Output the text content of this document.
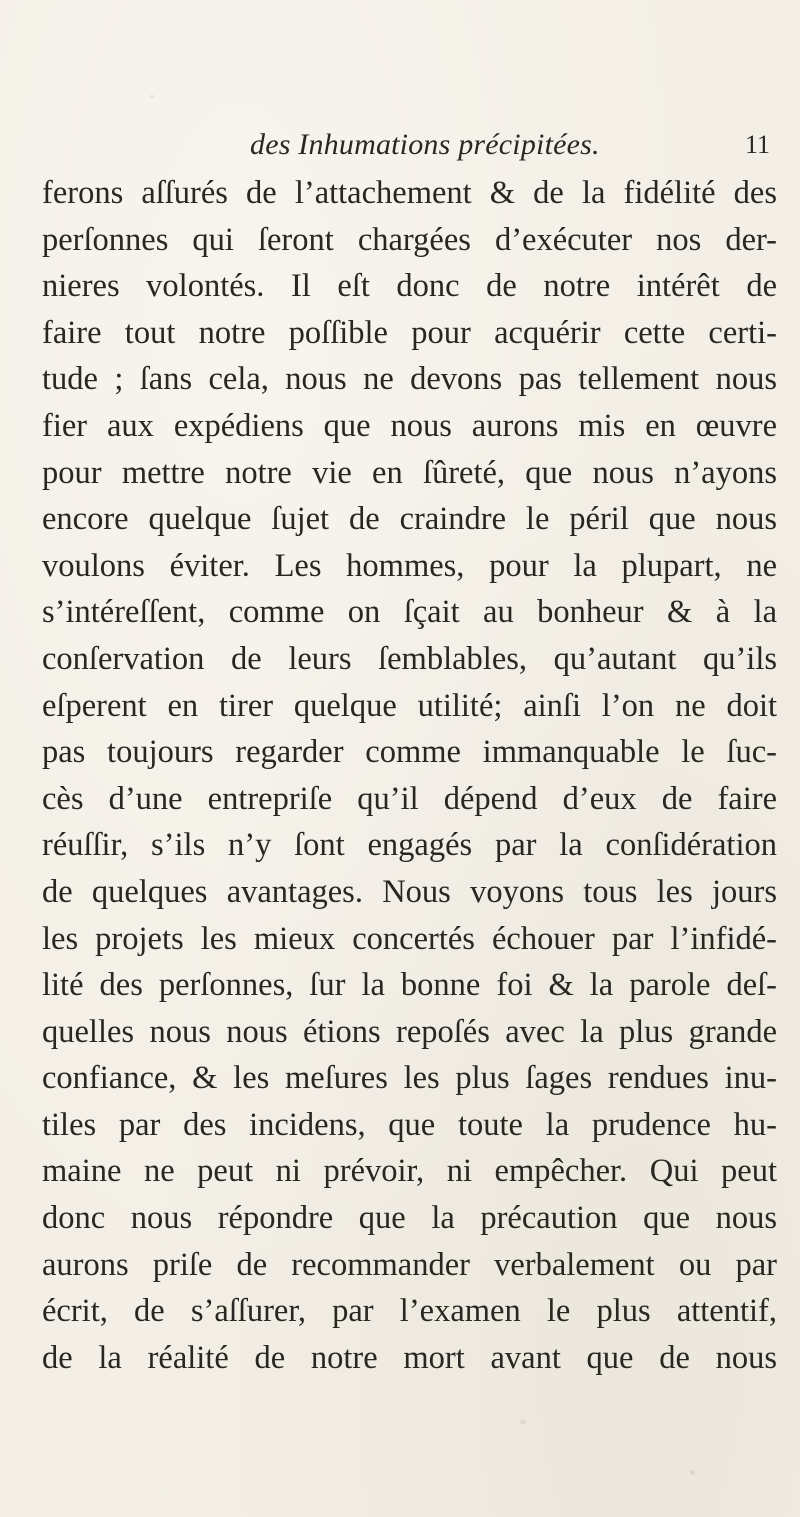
des Inhumations précipitées.	11
ferons aſſurés de l’attachement & de la fidélité des
perſonnes qui ſeront chargées d’exécuter nos der-
nieres volontés. Il eſt donc de notre intérêt de
faire tout notre poſſible pour acquérir cette certi-
tude ; ſans cela, nous ne devons pas tellement nous
fier aux expédiens que nous aurons mis en œuvre
pour mettre notre vie en ſûreté, que nous n’ayons
encore quelque ſujet de craindre le péril que nous
voulons éviter. Les hommes, pour la plupart, ne
s’intéreſſent, comme on ſçait au bonheur & à la
conſervation de leurs ſemblables, qu’autant qu’ils
eſperent en tirer quelque utilité; ainſi l’on ne doit
pas toujours regarder comme immanquable le ſuc-
cès d’une entrepriſe qu’il dépend d’eux de faire
réuſſir, s’ils n’y ſont engagés par la conſidération
de quelques avantages. Nous voyons tous les jours
les projets les mieux concertés échouer par l’infidé-
lité des perſonnes, ſur la bonne foi & la parole deſ-
quelles nous nous étions repoſés avec la plus grande
confiance, & les meſures les plus ſages rendues inu-
tiles par des incidens, que toute la prudence hu-
maine ne peut ni prévoir, ni empêcher. Qui peut
donc nous répondre que la précaution que nous
aurons priſe de recommander verbalement ou par
écrit, de s’aſſurer, par l’examen le plus attentif,
de la réalité de notre mort avant que de nous
